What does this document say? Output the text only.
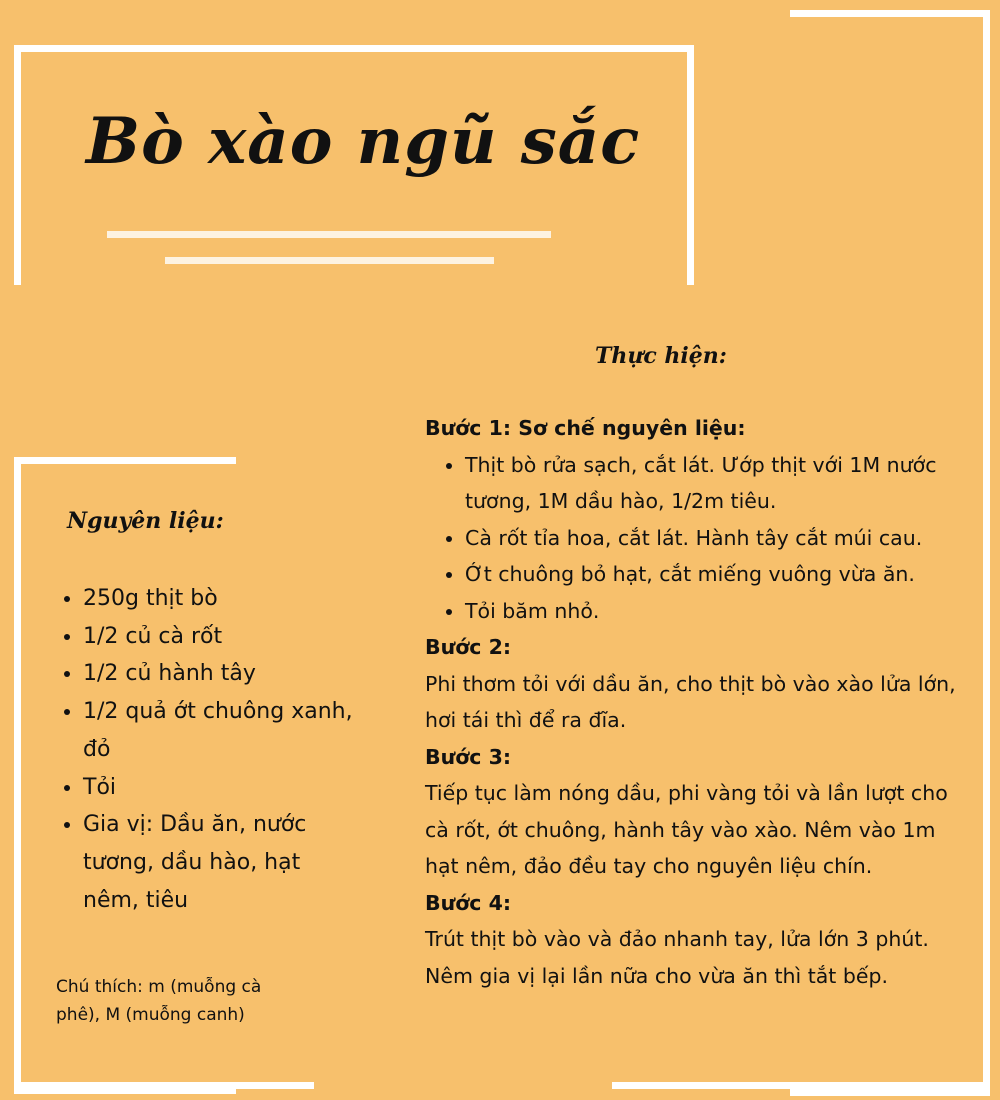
Bò xào ngũ sắc
Nguyên liệu:
• 250g thịt bò
• 1/2 củ cà rốt
• 1/2 củ hành tây
• 1/2 quả ớt chuông xanh, đỏ
• Tỏi
• Gia vị: Dầu ăn, nước tương, dầu hào, hạt nêm, tiêu

Chú thích: m (muỗng cà phê), M (muỗng canh)

Thực hiện:

Bước 1: Sơ chế nguyên liệu:

• Thịt bò rửa sạch, cắt lát. Ướp thịt với 1M nước tương, 1M dầu hào, 1/2m tiêu.
• Cà rốt tỉa hoa, cắt lát. Hành tây cắt múi cau.
• Ớt chuông bỏ hạt, cắt miếng vuông vừa ăn.
• Tỏi băm nhỏ.

Bước 2:

Phi thơm tỏi với dầu ăn, cho thịt bò vào xào lửa lớn, hơi tái thì để ra đĩa.

Bước 3:

Tiếp tục làm nóng dầu, phi vàng tỏi và lần lượt cho cà rốt, ớt chuông, hành tây vào xào. Nêm vào 1m hạt nêm, đảo đều tay cho nguyên liệu chín.

Bước 4:

Trút thịt bò vào và đảo nhanh tay, lửa lớn 3 phút. Nêm gia vị lại lần nữa cho vừa ăn thì tắt bếp.
